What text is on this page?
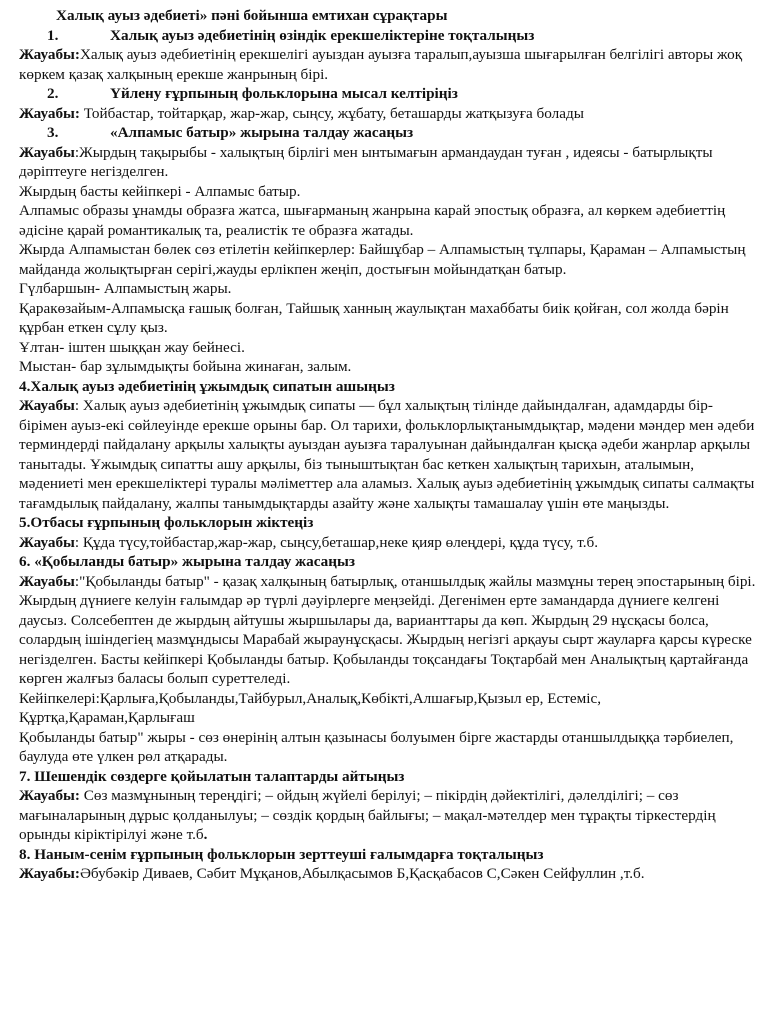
Халық ауыз әдебиеті» пәні бойынша емтихан сұрақтары

1.	Халық ауыз әдебиетінің өзіндік ерекшеліктеріне тоқталыңыз

Жауабы:Халық ауыз әдебиетінің ерекшелігі ауыздан ауызға таралып,ауызша шығарылған белгілігі авторы жоқ көркем қазақ халқының ерекше жанрының бірі.

2.	Үйлену ғұрпының фольклорына мысал келтіріңіз

Жауабы: Тойбастар, тойтарқар, жар-жар, сыңсу, жұбату, беташарды жатқызуға болады

3.	«Алпамыс батыр» жырына талдау жасаңыз

Жауабы:Жырдың тақырыбы - халықтың бірлігі мен ынтымағын армандаудан туған , идеясы - батырлықты дәріптеуге негізделген.

Жырдың басты кейіпкері - Алпамыс батыр.

Алпамыс образы ұнамды образға жатса, шығарманың жанрына карай эпостық образға, ал көркем әдебиеттің әдісіне қарай романтикалық та, реалистік те образға жатады.

Жырда Алпамыстан бөлек сөз етілетін кейіпкерлер: Байшұбар – Алпамыстың тұлпары, Қараман – Алпамыстың майданда жолықтырған серігі,жауды ерлікпен жеңіп, достығын мойындатқан батыр.

Гүлбаршын- Алпамыстың жары.

Қаракөзайым-Алпамысқа ғашық болған, Тайшық ханның жаулықтан махаббаты биік қойған, сол жолда бәрін құрбан еткен сұлу қыз.

Ұлтан- іштен шыққан жау бейнесі.

Мыстан- бар зұлымдықты бойына жинаған, залым.

4.Халық ауыз әдебиетінің ұжымдық сипатын ашыңыз

Жауабы: Халық ауыз әдебиетінің ұжымдық сипаты — бұл халықтың тілінде дайындалған, адамдарды бір-бірімен ауыз-екі сөйлеуінде ерекше орыны бар. Ол тарихи, фольклорлықтанымдықтар, мәдени мәндер мен әдеби терминдерді пайдалану арқылы халықты ауыздан ауызға таралуынан дайындалған қысқа әдеби жанрлар арқылы танытады. Ұжымдық сипатты ашу арқылы, біз тыныштықтан бас кеткен халықтың тарихын, аталымын, мәдениеті мен ерекшеліктері туралы мәліметтер ала аламыз. Халық ауыз әдебиетінің ұжымдық сипаты салмақты тағамдылық пайдалану, жалпы танымдықтарды азайту және халықты тамашалау үшін өте маңызды.

5.Отбасы ғұрпының фольклорын жіктеңіз

Жауабы: Құда түсу,тойбастар,жар-жар, сыңсу,беташар,неке қияр өлеңдері, құда түсу, т.б.

6. «Қобыланды батыр» жырына талдау жасаңыз

Жауабы:"Қобыланды батыр" - қазақ халқының батырлық, отаншылдық жайлы мазмұны терең эпостарының бірі. Жырдың дүниеге келуін ғалымдар әр түрлі дәуірлерге меңзейді. Дегенімен ерте замандарда дүниеге келгені даусыз. Солсебептен де жырдың айтушы жыршылары да, варианттары да көп. Жырдың 29 нұсқасы болса, солардың ішіндегіең мазмұндысы Марабай жыраунұсқасы. Жырдың негізгі арқауы сырт жауларға қарсы күреске негізделген. Басты кейіпкері Қобыланды батыр. Қобыланды тоқсандағы Тоқтарбай мен Аналықтың қартайғанда көрген жалғыз баласы болып суреттеледі.

Кейіпкелері:Қарлыға,Қобыланды,Тайбурыл,Аналық,Көбікті,Алшағыр,Қызыл ер, Естеміс, Құртқа,Қараман,Қарлығаш

Қобыланды батыр" жыры - сөз өнерінің алтын қазынасы болуымен бірге жастарды отаншылдыққа тәрбиелеп, баулуда өте үлкен рөл атқарады.

7. Шешендік сөздерге қойылатын талаптарды айтыңыз

Жауабы: Сөз мазмұнының тереңдігі; – ойдың жүйелі берілуі; – пікірдің дәйектілігі, дәлелділігі; – сөз мағыналарының дұрыс қолданылуы; – сөздік қордың байлығы; – мақал-мәтелдер мен тұрақты тіркестердің орынды кіріктірілуі және т.б.

8. Наным-сенім ғұрпының фольклорын зерттеуші ғалымдарға тоқталыңыз

Жауабы:Әбубәкір Диваев, Сәбит Мұқанов,Абылқасымов Б,Қасқабасов С,Сәкен Сейфуллин ,т.б.
